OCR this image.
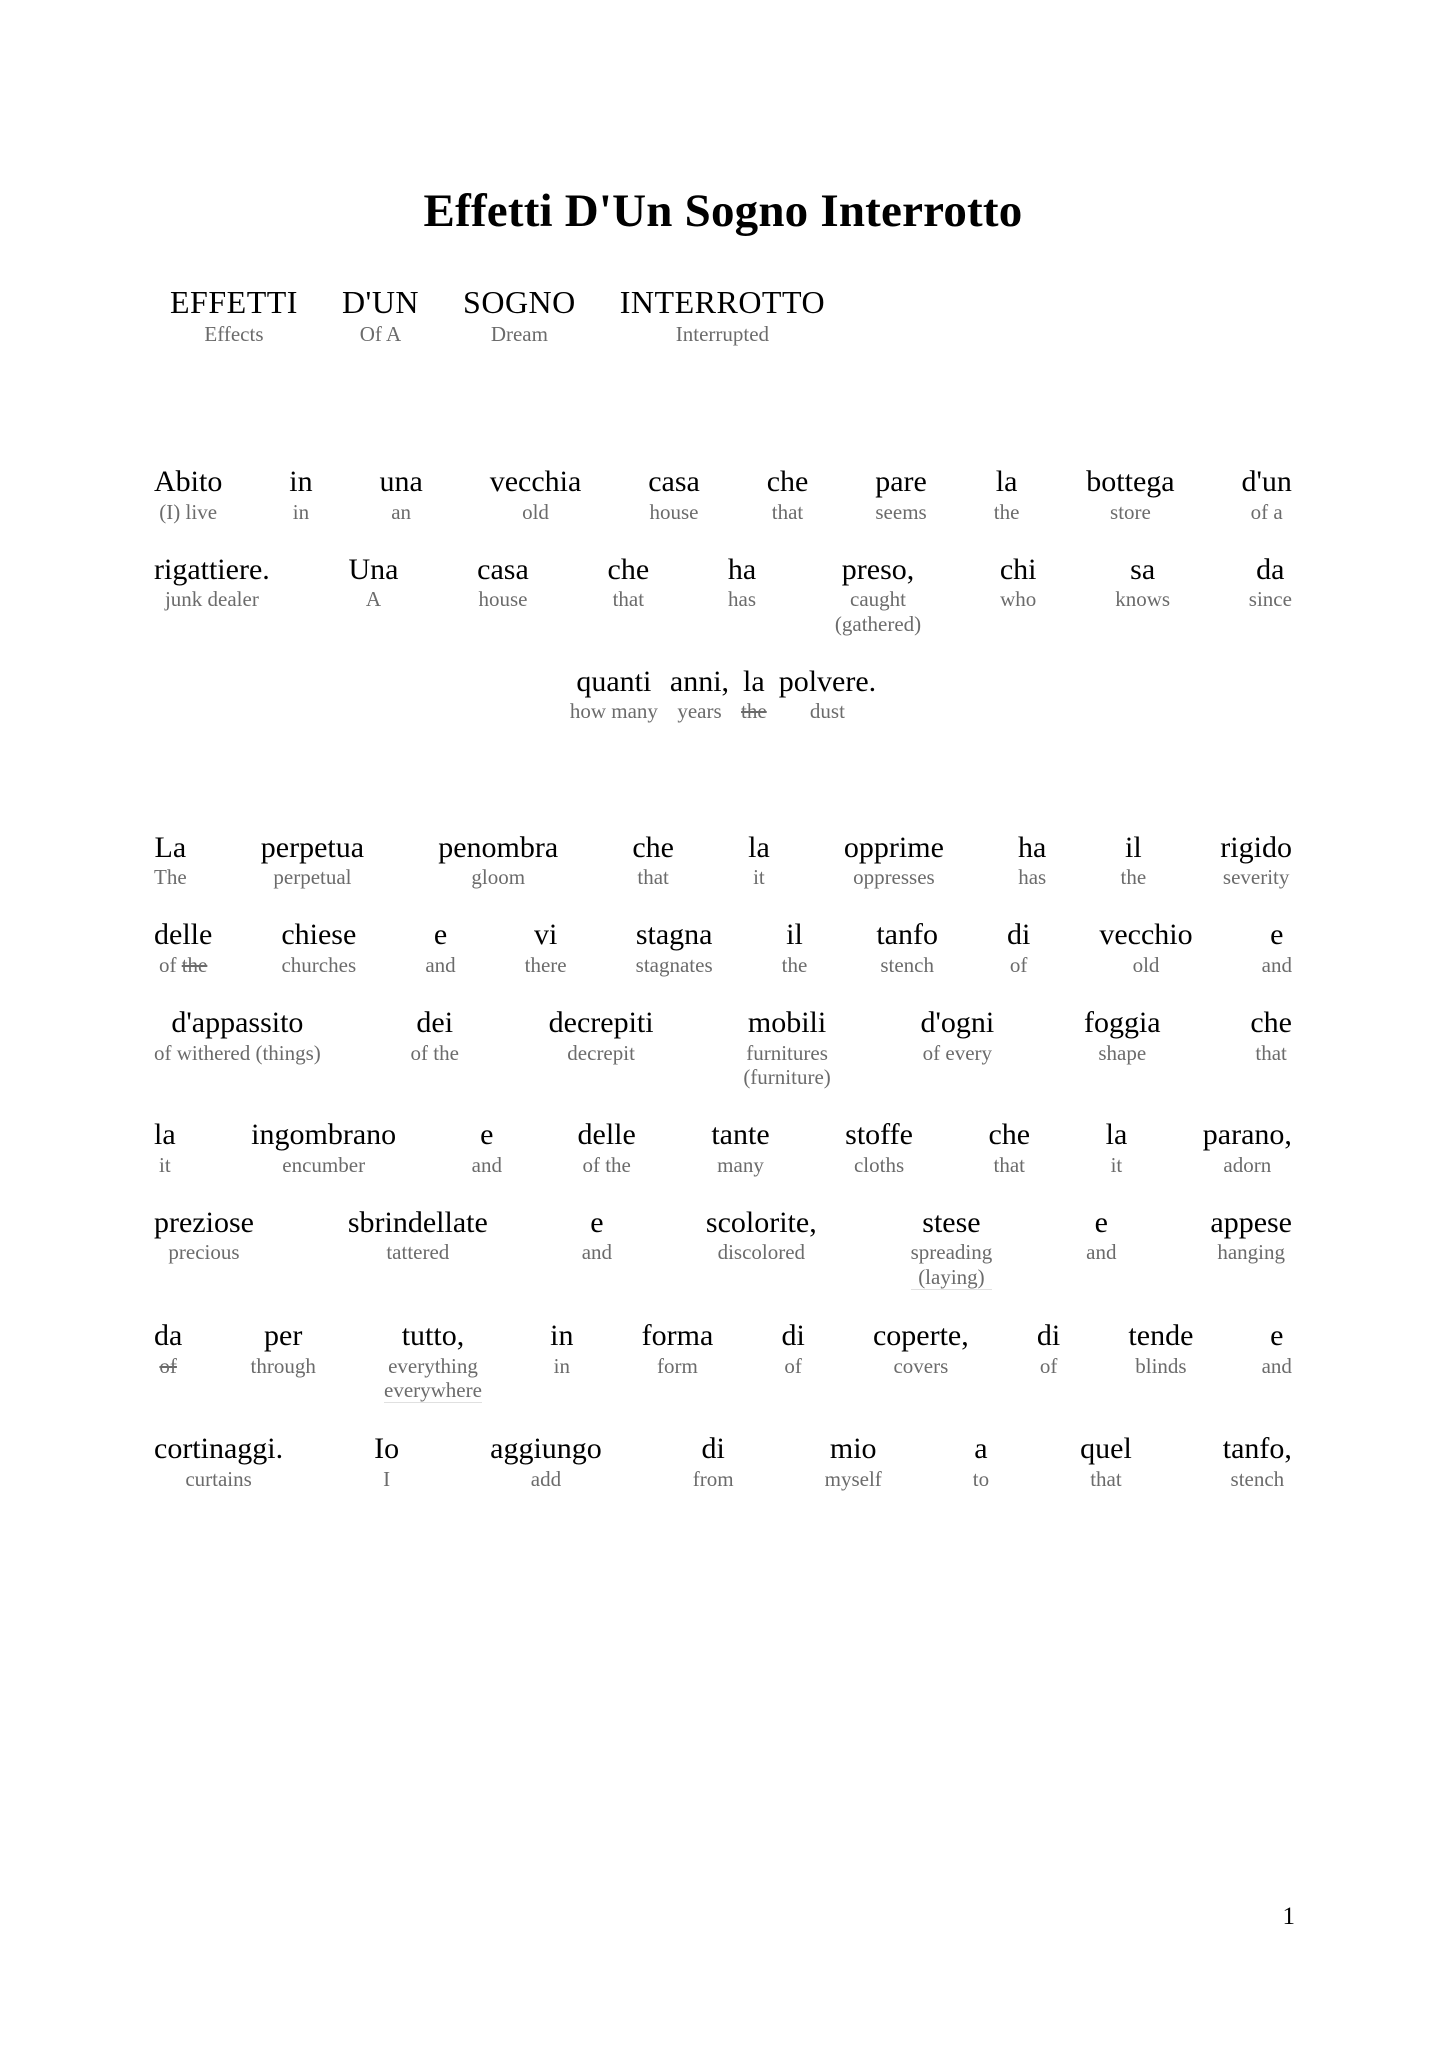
Effetti D'Un Sogno Interrotto
EFFETTI
Effects
D'UN
Of A
SOGNO
Dream
INTERROTTO
Interrupted
Abito
(I) live
in
in
una
an
vecchia
old
casa
house
che
that
pare
seems
la
the
bottega
store
d'un
of a
rigattiere.
junk dealer
Una
A
casa
house
che
that
ha
has
preso,
caught
(gathered)
chi
who
sa
knows
da
since
quanti
how many
anni,
years
la
the
polvere.
dust
La
The
perpetua
perpetual
penombra
gloom
che
that
la
it
opprime
oppresses
ha
has
il
the
rigido
severity
delle
of the
chiese
churches
e
and
vi
there
stagna
stagnates
il
the
tanfo
stench
di
of
vecchio
old
e
and
d'appassito
of withered (things)
dei
of the
decrepiti
decrepit
mobili
furnitures
(furniture)
d'ogni
of every
foggia
shape
che
that
la
it
ingombrano
encumber
e
and
delle
of the
tante
many
stoffe
cloths
che
that
la
it
parano,
adorn
preziose
precious
sbrindellate
tattered
e
and
scolorite,
discolored
stese
spreading
(laying)
e
and
appese
hanging
da
of
per
through
tutto,
everything
everywhere
in
in
forma
form
di
of
coperte,
covers
di
of
tende
blinds
e
and
cortinaggi.
curtains
Io
I
aggiungo
add
di
from
mio
myself
a
to
quel
that
tanfo,
stench
1
